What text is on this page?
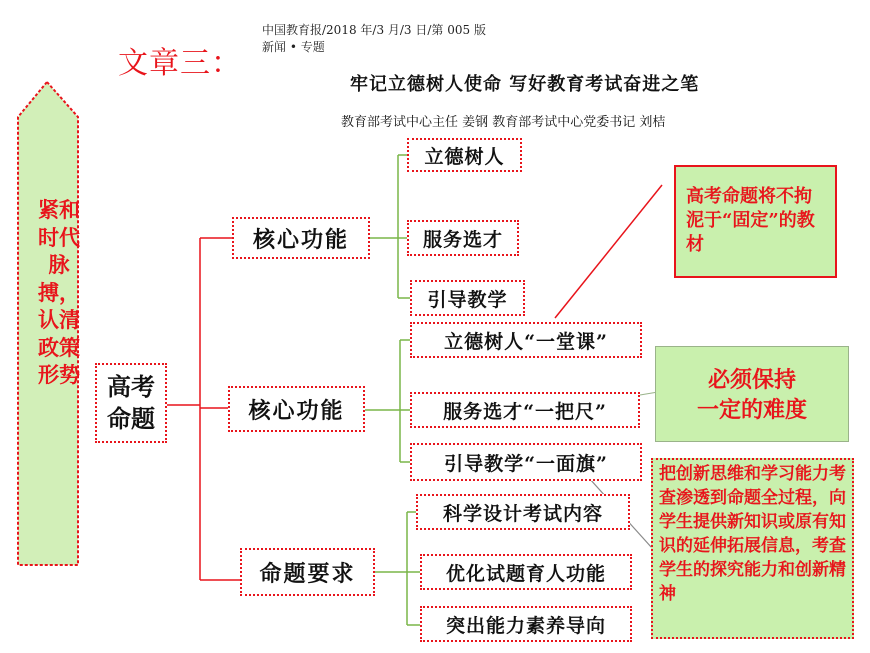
中国教育报/2018 年/3 月/3 日/第 005 版
新闻 • 专题
文章三：
牢记立德树人使命 写好教育考试奋进之笔
教育部考试中心主任 姜钢 教育部考试中心党委书记 刘桔
紧和时代脉搏，认清政策形势 高考
命题
核心功能
核心功能
命题要求
立德树人
服务选才
引导教学
立德树人“一堂课”
服务选才“一把尺”
引导教学“一面旗”
科学设计考试内容
优化试题育人功能
突出能力素养导向
高考命题将不拘泥于“固定”的教材
必须保持
一定的难度
把创新思维和学习能力考查渗透到命题全过程，向学生提供新知识或原有知识的延伸拓展信息，考查学生的探究能力和创新精神
